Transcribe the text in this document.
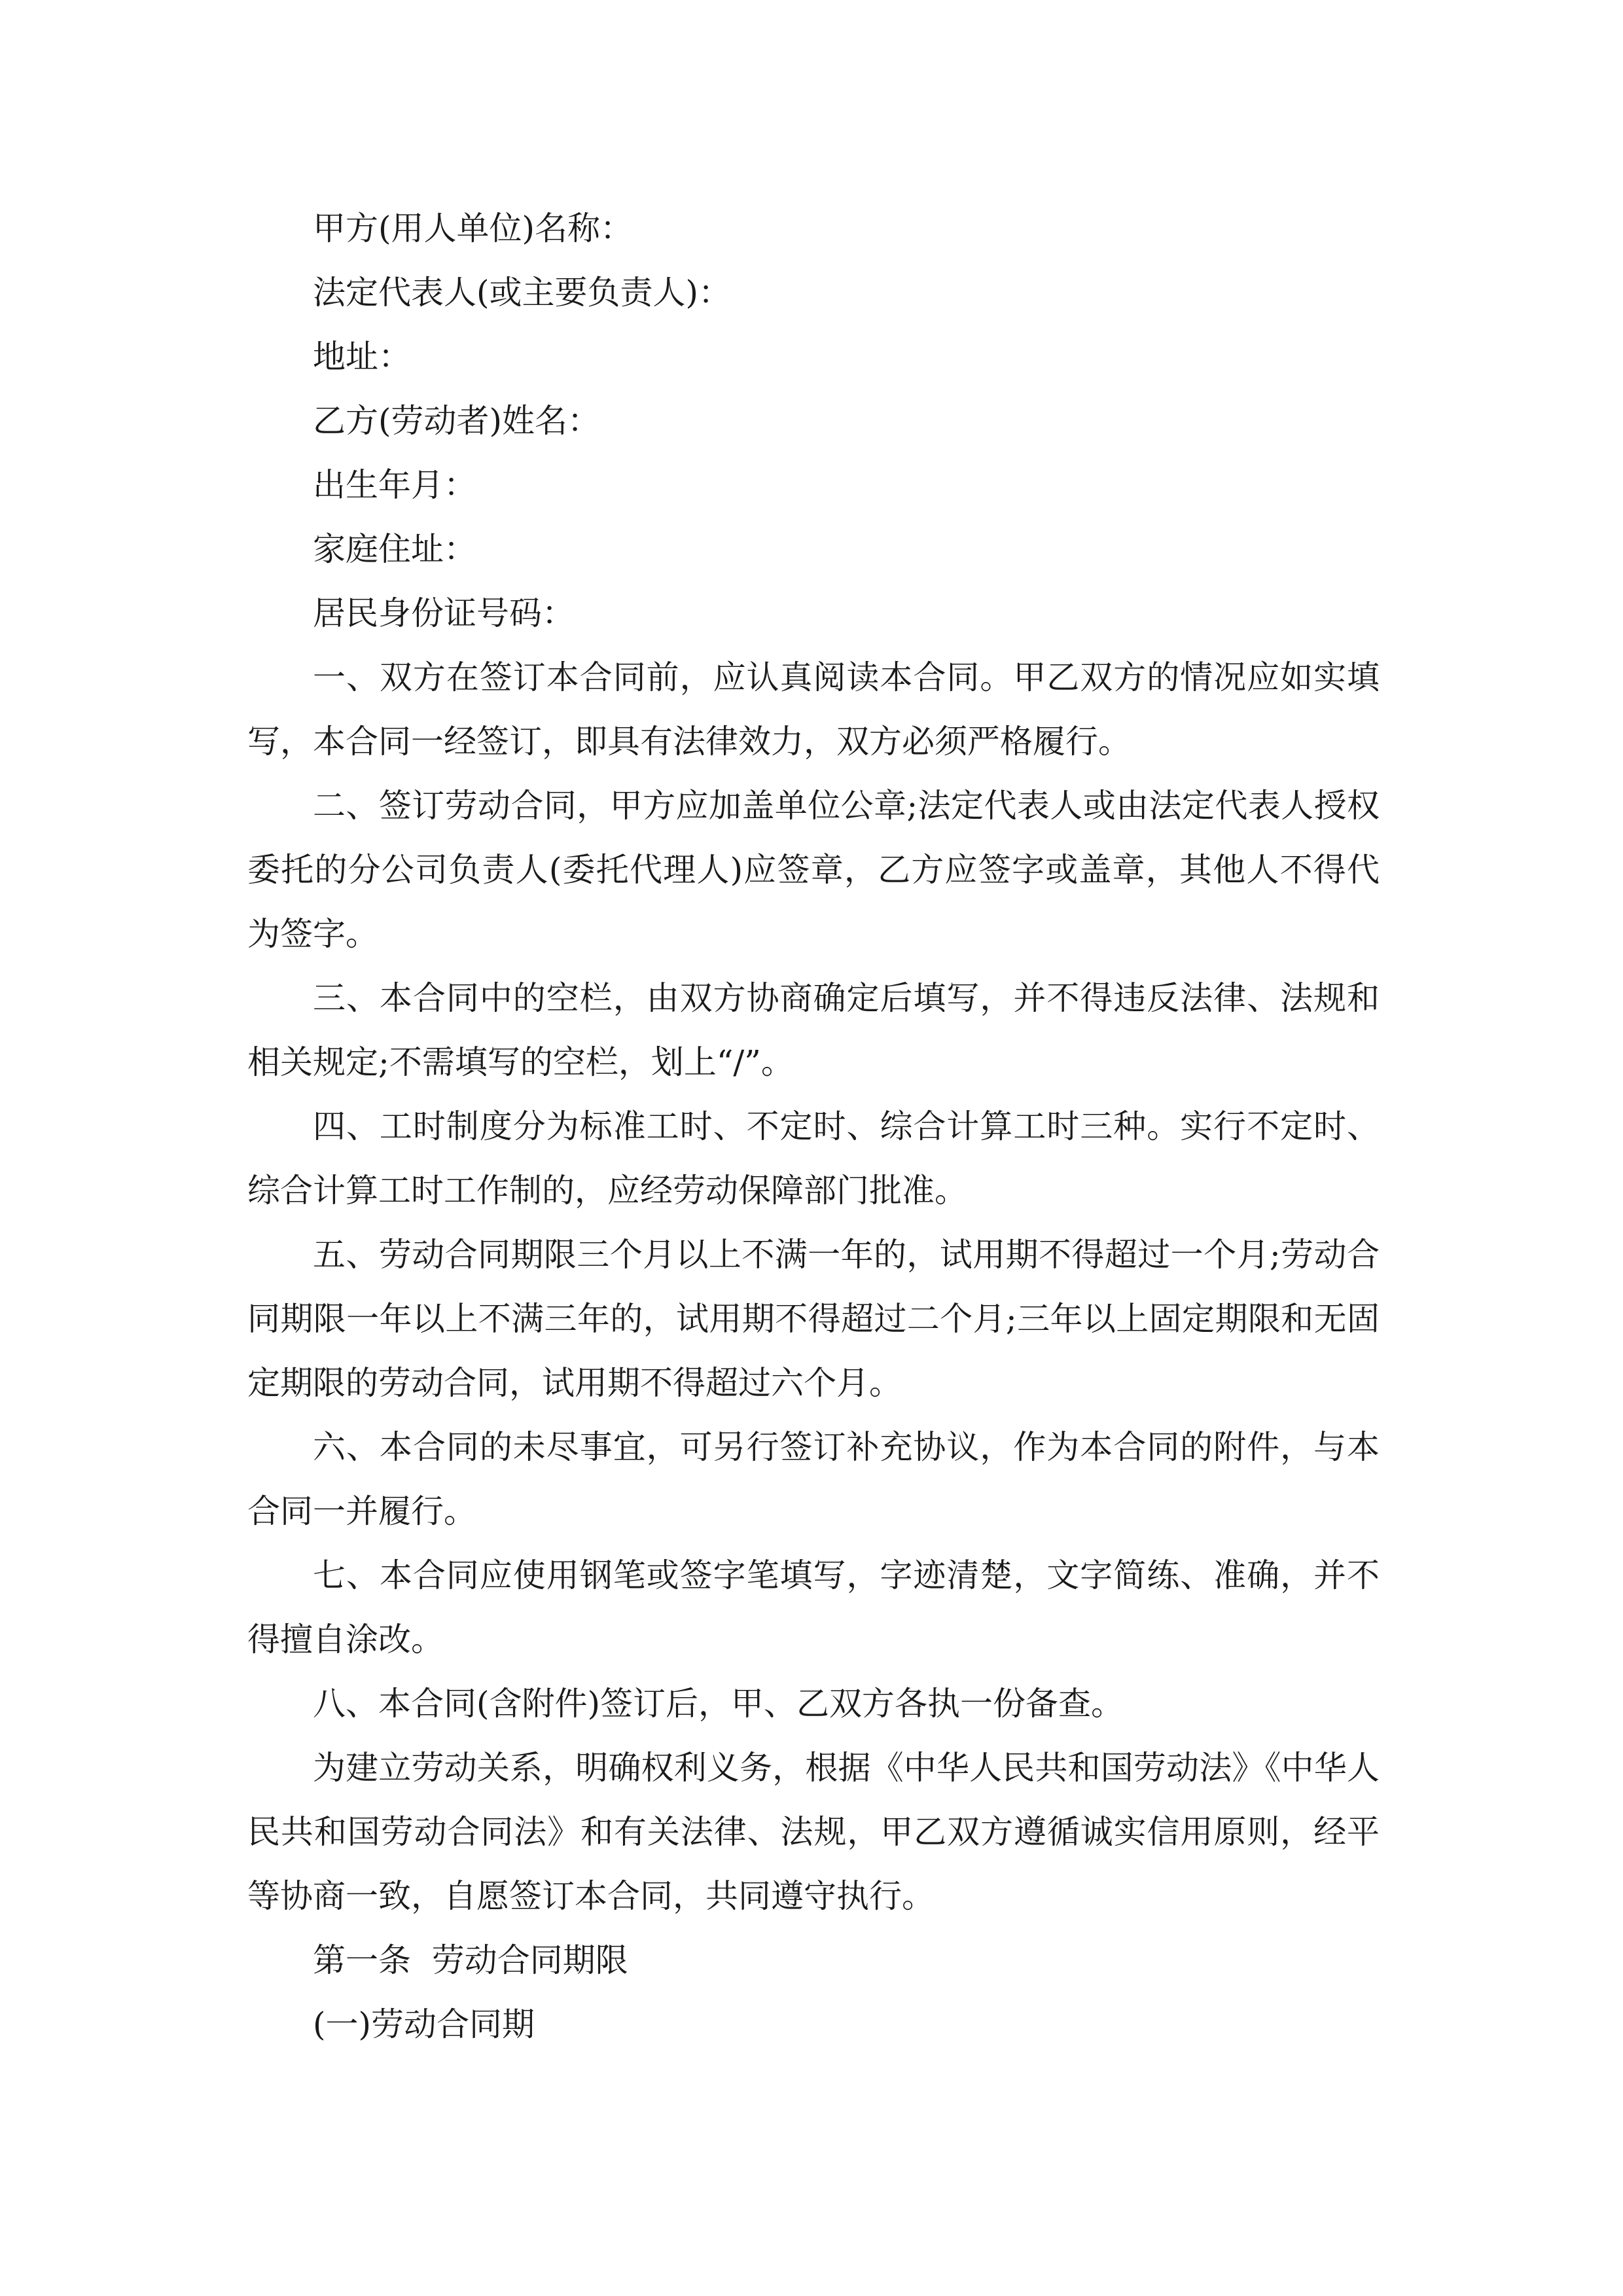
甲方(用人单位)名称：
法定代表人(或主要负责人)：
地址：
乙方(劳动者)姓名：
出生年月：
家庭住址：
居民身份证号码：

一、双方在签订本合同前，应认真阅读本合同。甲乙双方的情况应如实填写，本合同一经签订，即具有法律效力，双方必须严格履行。

二、签订劳动合同，甲方应加盖单位公章;法定代表人或由法定代表人授权委托的分公司负责人(委托代理人)应签章，乙方应签字或盖章，其他人不得代为签字。

三、本合同中的空栏，由双方协商确定后填写，并不得违反法律、法规和相关规定;不需填写的空栏，划上“/”。

四、工时制度分为标准工时、不定时、综合计算工时三种。实行不定时、综合计算工时工作制的，应经劳动保障部门批准。

五、劳动合同期限三个月以上不满一年的，试用期不得超过一个月;劳动合同期限一年以上不满三年的，试用期不得超过二个月;三年以上固定期限和无固定期限的劳动合同，试用期不得超过六个月。

六、本合同的未尽事宜，可另行签订补充协议，作为本合同的附件，与本合同一并履行。

七、本合同应使用钢笔或签字笔填写，字迹清楚，文字简练、准确，并不得擅自涂改。

八、本合同(含附件)签订后，甲、乙双方各执一份备查。

为建立劳动关系，明确权利义务，根据《中华人民共和国劳动法》《中华人民共和国劳动合同法》和有关法律、法规，甲乙双方遵循诚实信用原则，经平等协商一致，自愿签订本合同，共同遵守执行。

第一条  劳动合同期限
(一)劳动合同期
